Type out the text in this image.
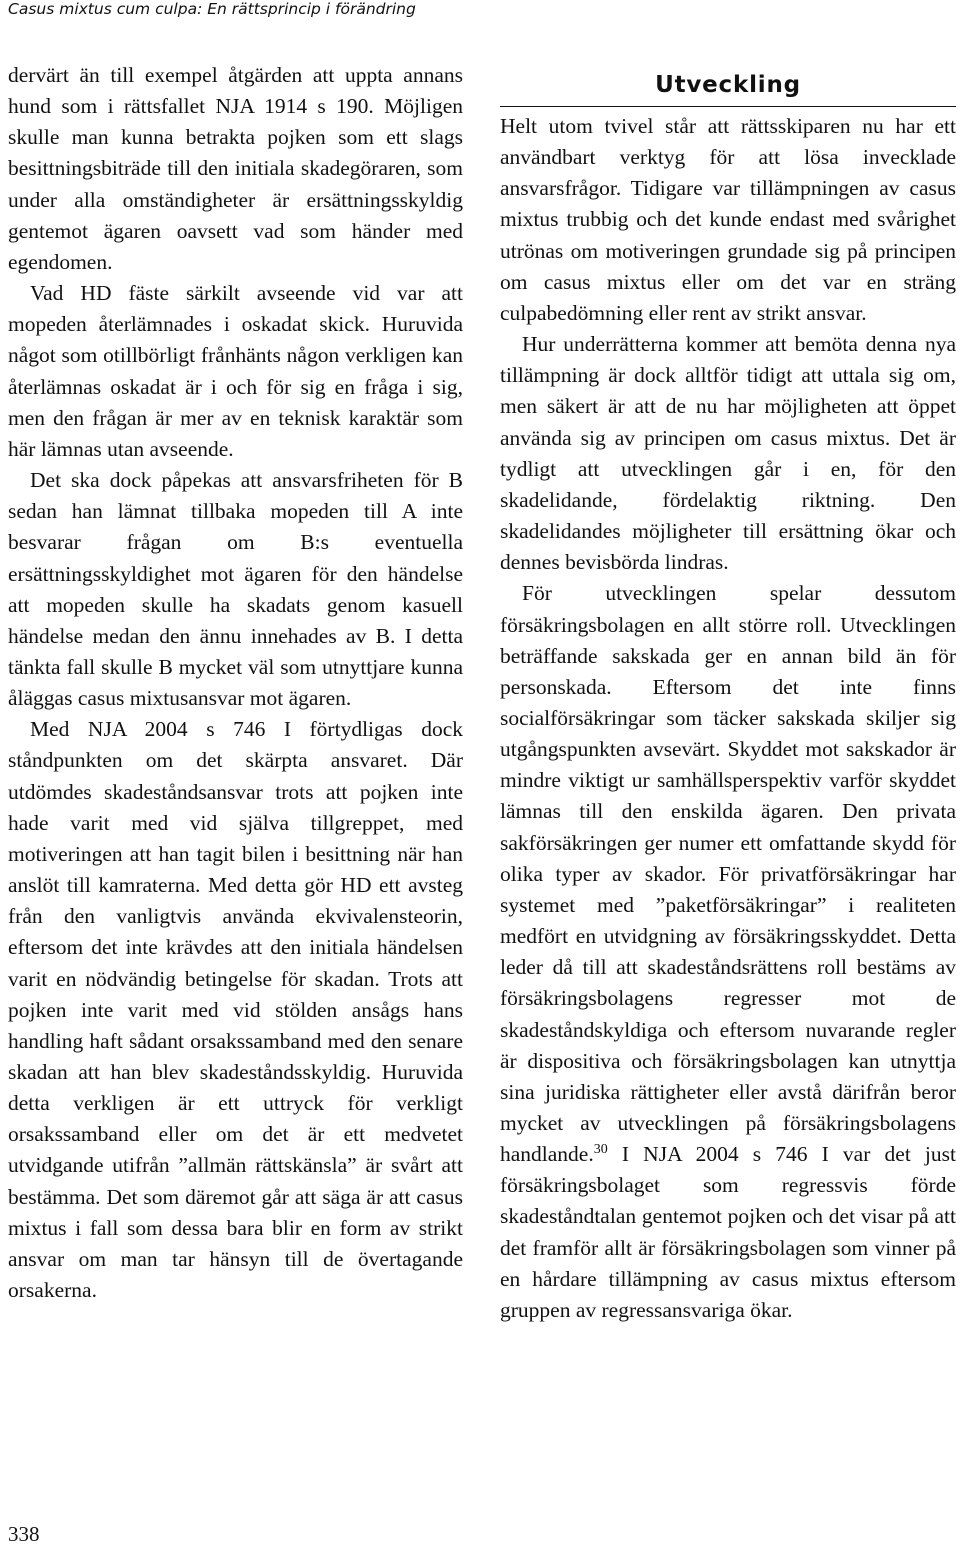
Casus mixtus cum culpa: En rättsprincip i förändring

dervärt än till exempel åtgärden att uppta annans hund som i rättsfallet NJA 1914 s 190. Möjligen skulle man kunna betrakta pojken som ett slags besittningsbiträde till den initiala skadegöraren, som under alla omständigheter är ersättningsskyldig gentemot ägaren oavsett vad som händer med egendomen.

Vad HD fäste särkilt avseende vid var att mopeden återlämnades i oskadat skick. Huruvida något som otillbörligt frånhänts någon verkligen kan återlämnas oskadat är i och för sig en fråga i sig, men den frågan är mer av en teknisk karaktär som här lämnas utan avseende.

Det ska dock påpekas att ansvarsfriheten för B sedan han lämnat tillbaka mopeden till A inte besvarar frågan om B:s eventuella ersättningsskyldighet mot ägaren för den händelse att mopeden skulle ha skadats genom kasuell händelse medan den ännu innehades av B. I detta tänkta fall skulle B mycket väl som utnyttjare kunna åläggas casus mixtusansvar mot ägaren.

Med NJA 2004 s 746 I förtydligas dock ståndpunkten om det skärpta ansvaret. Där utdömdes skadeståndsansvar trots att pojken inte hade varit med vid själva tillgreppet, med motiveringen att han tagit bilen i besittning när han anslöt till kamraterna. Med detta gör HD ett avsteg från den vanligtvis använda ekvivalensteorin, eftersom det inte krävdes att den initiala händelsen varit en nödvändig betingelse för skadan. Trots att pojken inte varit med vid stölden ansågs hans handling haft sådant orsakssamband med den senare skadan att han blev skadeståndsskyldig. Huruvida detta verkligen är ett uttryck för verkligt orsakssamband eller om det är ett medvetet utvidgande utifrån ”allmän rättskänsla” är svårt att bestämma. Det som däremot går att säga är att casus mixtus i fall som dessa bara blir en form av strikt ansvar om man tar hänsyn till de övertagande orsakerna.

Utveckling

Helt utom tvivel står att rättsskiparen nu har ett användbart verktyg för att lösa invecklade ansvarsfrågor. Tidigare var tillämpningen av casus mixtus trubbig och det kunde endast med svårighet utrönas om motiveringen grundade sig på principen om casus mixtus eller om det var en sträng culpabedömning eller rent av strikt ansvar.

Hur underrätterna kommer att bemöta denna nya tillämpning är dock alltför tidigt att uttala sig om, men säkert är att de nu har möjligheten att öppet använda sig av principen om casus mixtus. Det är tydligt att utvecklingen går i en, för den skadelidande, fördelaktig riktning. Den skadelidandes möjligheter till ersättning ökar och dennes bevisbörda lindras.

För utvecklingen spelar dessutom försäkringsbolagen en allt större roll. Utvecklingen beträffande sakskada ger en annan bild än för personskada. Eftersom det inte finns socialförsäkringar som täcker sakskada skiljer sig utgångspunkten avsevärt. Skyddet mot sakskador är mindre viktigt ur samhällsperspektiv varför skyddet lämnas till den enskilda ägaren. Den privata sakförsäkringen ger numer ett omfattande skydd för olika typer av skador. För privatförsäkringar har systemet med ”paketförsäkringar” i realiteten medfört en utvidgning av försäkringsskyddet. Detta leder då till att skadeståndsrättens roll bestäms av försäkringsbolagens regresser mot de skadeståndskyldiga och eftersom nuvarande regler är dispositiva och försäkringsbolagen kan utnyttja sina juridiska rättigheter eller avstå därifrån beror mycket av utvecklingen på försäkringsbolagens handlande.$^{30}$ I NJA 2004 s 746 I var det just försäkringsbolaget som regressvis förde skadeståndtalan gentemot pojken och det visar på att det framför allt är försäkringsbolagen som vinner på en hårdare tillämpning av casus mixtus eftersom gruppen av regressansvariga ökar.

338
